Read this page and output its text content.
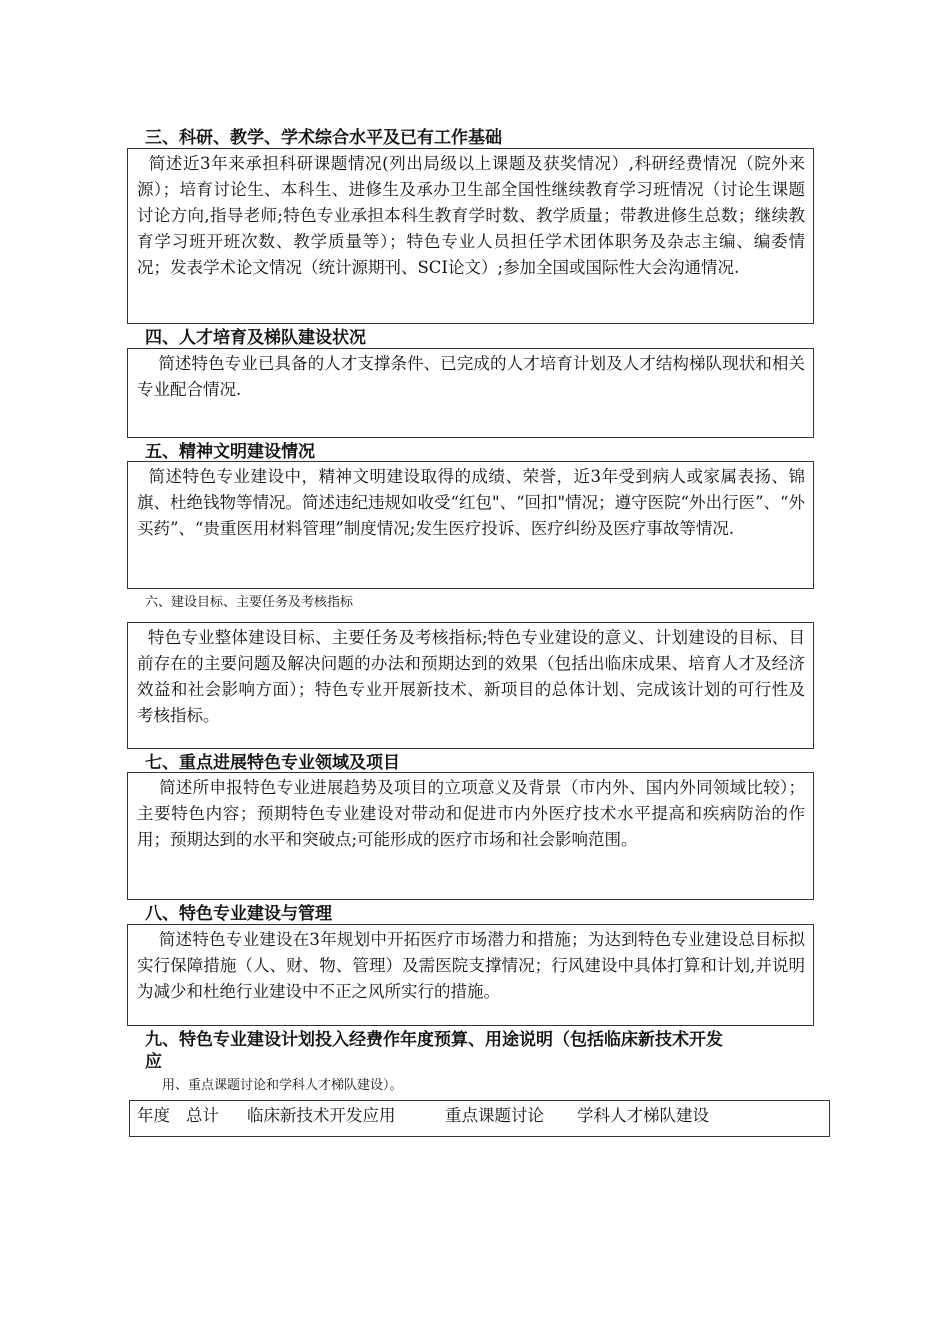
三、科研、教学、学术综合水平及已有工作基础

简述近3年来承担科研课题情况(列出局级以上课题及获奖情况）,科研经费情况（院外来源）；培育讨论生、本科生、进修生及承办卫生部全国性继续教育学习班情况（讨论生课题讨论方向,指导老师;特色专业承担本科生教育学时数、教学质量；带教进修生总数；继续教育学习班开班次数、教学质量等）；特色专业人员担任学术团体职务及杂志主编、编委情况；发表学术论文情况（统计源期刊、SCI论文）;参加全国或国际性大会沟通情况.

四、人才培育及梯队建设状况

简述特色专业已具备的人才支撑条件、已完成的人才培育计划及人才结构梯队现状和相关专业配合情况.

五、精神文明建设情况

简述特色专业建设中，精神文明建设取得的成绩、荣誉，近3年受到病人或家属表扬、锦旗、杜绝钱物等情况。简述违纪违规如收受“红包"、“回扣"情况；遵守医院“外出行医”、“外买药”、“贵重医用材料管理”制度情况;发生医疗投诉、医疗纠纷及医疗事故等情况.

六、建设目标、主要任务及考核指标

特色专业整体建设目标、主要任务及考核指标;特色专业建设的意义、计划建设的目标、目前存在的主要问题及解决问题的办法和预期达到的效果（包括出临床成果、培育人才及经济效益和社会影响方面）；特色专业开展新技术、新项目的总体计划、完成该计划的可行性及考核指标。

七、重点进展特色专业领域及项目

简述所申报特色专业进展趋势及项目的立项意义及背景（市内外、国内外同领域比较）；主要特色内容；预期特色专业建设对带动和促进市内外医疗技术水平提高和疾病防治的作用；预期达到的水平和突破点;可能形成的医疗市场和社会影响范围。

八、特色专业建设与管理

简述特色专业建设在3年规划中开拓医疗市场潜力和措施；为达到特色专业建设总目标拟实行保障措施（人、财、物、管理）及需医院支撑情况；行风建设中具体打算和计划,并说明为减少和杜绝行业建设中不正之风所实行的措施。

九、特色专业建设计划投入经费作年度预算、用途说明（包括临床新技术开发
应
用、重点课题讨论和学科人才梯队建设）。
年度 总计	临床新技术开发应用	重点课题讨论	学科人才梯队建设
